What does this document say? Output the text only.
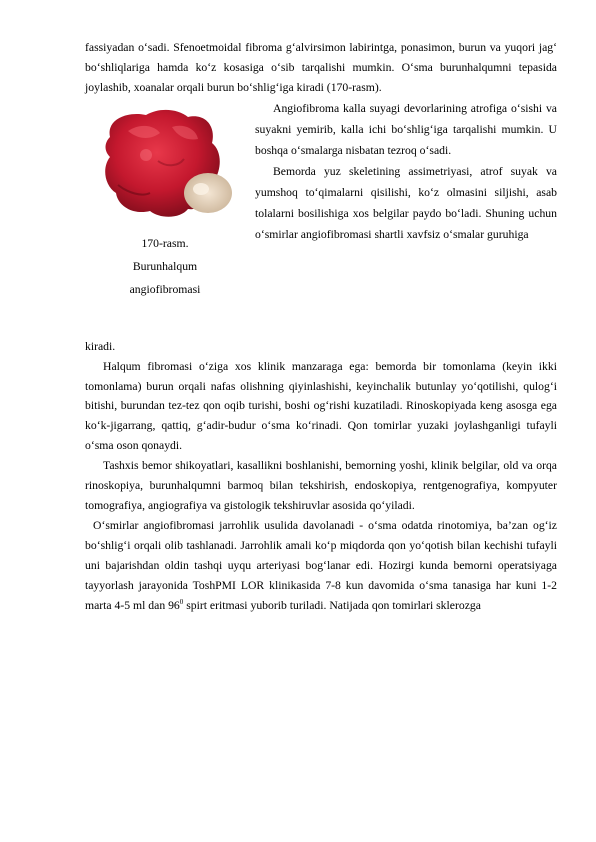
fassiyadan o‘sadi. Sfenoetmoidal fibroma g‘alvirsimon labirintga, ponasimon, burun va yuqori jag‘ bo‘shliqlariga hamda ko‘z kosasiga o‘sib tarqalishi mumkin. O‘sma burunhalqumni tepasida joylashib, xoanalar orqali burun bo‘shlig‘iga kiradi (170-rasm).

170-rasm.
Burunhalqum
angiofibromasi

Angiofibroma kalla suyagi devorlarining atrofiga o‘sishi va suyakni yemirib, kalla ichi bo‘shlig‘iga tarqalishi mumkin. U boshqa o‘smalarga nisbatan tezroq o‘sadi.

Bemorda yuz skeletining assimetriyasi, atrof suyak va yumshoq to‘qimalarni qisilishi, ko‘z olmasini siljishi, asab tolalarni bosilishiga xos belgilar paydo bo‘ladi. Shuning uchun o‘smirlar angiofibromasi shartli xavfsiz o‘smalar guruhiga

kiradi.

Halqum fibromasi o‘ziga xos klinik manzaraga ega: bemorda bir tomonlama (keyin ikki tomonlama) burun orqali nafas olishning qiyinlashishi, keyinchalik butunlay yo‘qotilishi, qulog‘i bitishi, burundan tez-tez qon oqib turishi, boshi og‘rishi kuzatiladi. Rinoskopiyada keng asosga ega ko‘k-jigarrang, qattiq, g‘adir-budur o‘sma ko‘rinadi. Qon tomirlar yuzaki joylashganligi tufayli o‘sma oson qonaydi.

Tashxis bemor shikoyatlari, kasallikni boshlanishi, bemorning yoshi, klinik belgilar, old va orqa rinoskopiya, burunhalqumni barmoq bilan tekshirish, endoskopiya, rentgenografiya, kompyuter tomografiya, angiografiya va gistologik tekshiruvlar asosida qo‘yiladi.

O‘smirlar angiofibromasi jarrohlik usulida davolanadi - o‘sma odatda rinotomiya, ba’zan og‘iz bo‘shlig‘i orqali olib tashlanadi. Jarrohlik amali ko‘p miqdorda qon yo‘qotish bilan kechishi tufayli uni bajarishdan oldin tashqi uyqu arteriyasi bog‘lanar edi. Hozirgi kunda bemorni operatsiyaga tayyorlash jarayonida ToshPMI LOR klinikasida 7-8 kun davomida o‘sma tanasiga har kuni 1-2 marta 4-5 ml dan $96^0$ spirt eritmasi yuborib turiladi. Natijada qon tomirlari sklerozga
